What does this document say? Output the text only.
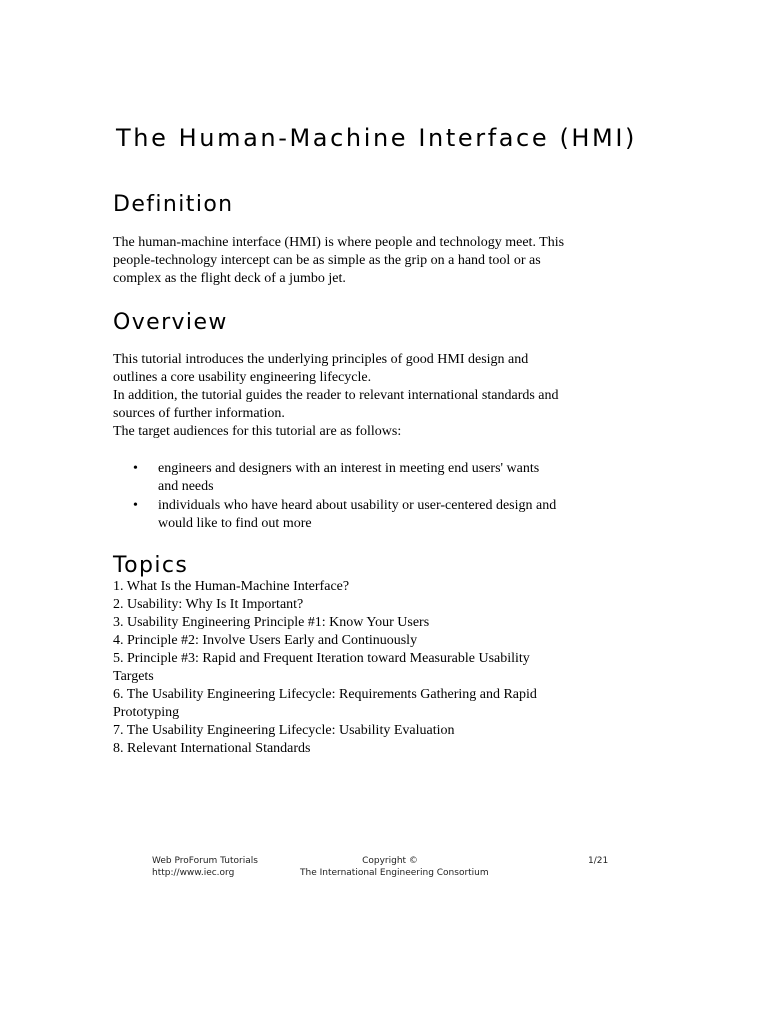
The Human-Machine Interface (HMI)
Definition

The human-machine interface (HMI) is where people and technology meet. This
people-technology intercept can be as simple as the grip on a hand tool or as
complex as the flight deck of a jumbo jet.

Overview

This tutorial introduces the underlying principles of good HMI design and
outlines a core usability engineering lifecycle.
In addition, the tutorial guides the reader to relevant international standards and
sources of further information.
The target audiences for this tutorial are as follows:

• engineers and designers with an interest in meeting end users' wants
and needs
• individuals who have heard about usability or user-centered design and
would like to find out more
Topics
1. What Is the Human-Machine Interface?
2. Usability: Why Is It Important?
3. Usability Engineering Principle #1: Know Your Users
4. Principle #2: Involve Users Early and Continuously
5. Principle #3: Rapid and Frequent Iteration toward Measurable Usability
Targets
6. The Usability Engineering Lifecycle: Requirements Gathering and Rapid
Prototyping
7. The Usability Engineering Lifecycle: Usability Evaluation
8. Relevant International Standards
Web ProForum Tutorials
http://www.iec.org
Copyright ©
The International Engineering Consortium
1/21
